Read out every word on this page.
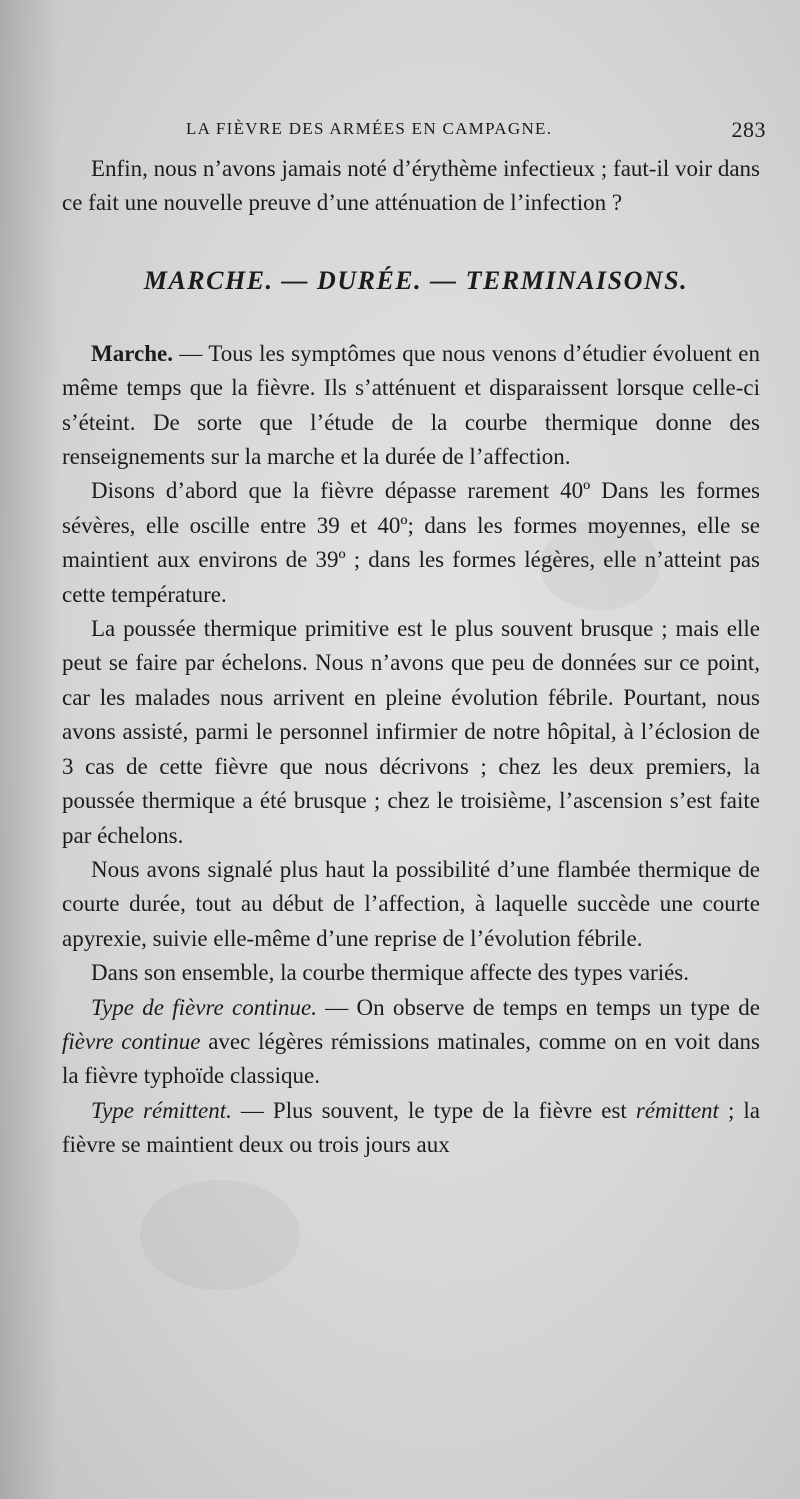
LA FIÈVRE DES ARMÉES EN CAMPAGNE.	283

Enfin, nous n’avons jamais noté d’érythème infectieux ; faut-il voir dans ce fait une nouvelle preuve d’une atténuation de l’infection ?

MARCHE. — DURÉE. — TERMINAISONS.

Marche. — Tous les symptômes que nous venons d’étudier évoluent en même temps que la fièvre. Ils s’atténuent et disparaissent lorsque celle-ci s’éteint. De sorte que l’étude de la courbe thermique donne des renseignements sur la marche et la durée de l’affection.

Disons d’abord que la fièvre dépasse rarement 40º Dans les formes sévères, elle oscille entre 39 et 40º; dans les formes moyennes, elle se maintient aux environs de 39º ; dans les formes légères, elle n’atteint pas cette température.

La poussée thermique primitive est le plus souvent brusque ; mais elle peut se faire par échelons. Nous n’avons que peu de données sur ce point, car les malades nous arrivent en pleine évolution fébrile. Pourtant, nous avons assisté, parmi le personnel infirmier de notre hôpital, à l’éclosion de 3 cas de cette fièvre que nous décrivons ; chez les deux premiers, la poussée thermique a été brusque ; chez le troisième, l’ascension s’est faite par échelons.

Nous avons signalé plus haut la possibilité d’une flambée thermique de courte durée, tout au début de l’affection, à laquelle succède une courte apyrexie, suivie elle-même d’une reprise de l’évolution fébrile.

Dans son ensemble, la courbe thermique affecte des types variés.

Type de fièvre continue. — On observe de temps en temps un type de fièvre continue avec légères rémissions matinales, comme on en voit dans la fièvre typhoïde classique.

Type rémittent. — Plus souvent, le type de la fièvre est rémittent ; la fièvre se maintient deux ou trois jours aux
